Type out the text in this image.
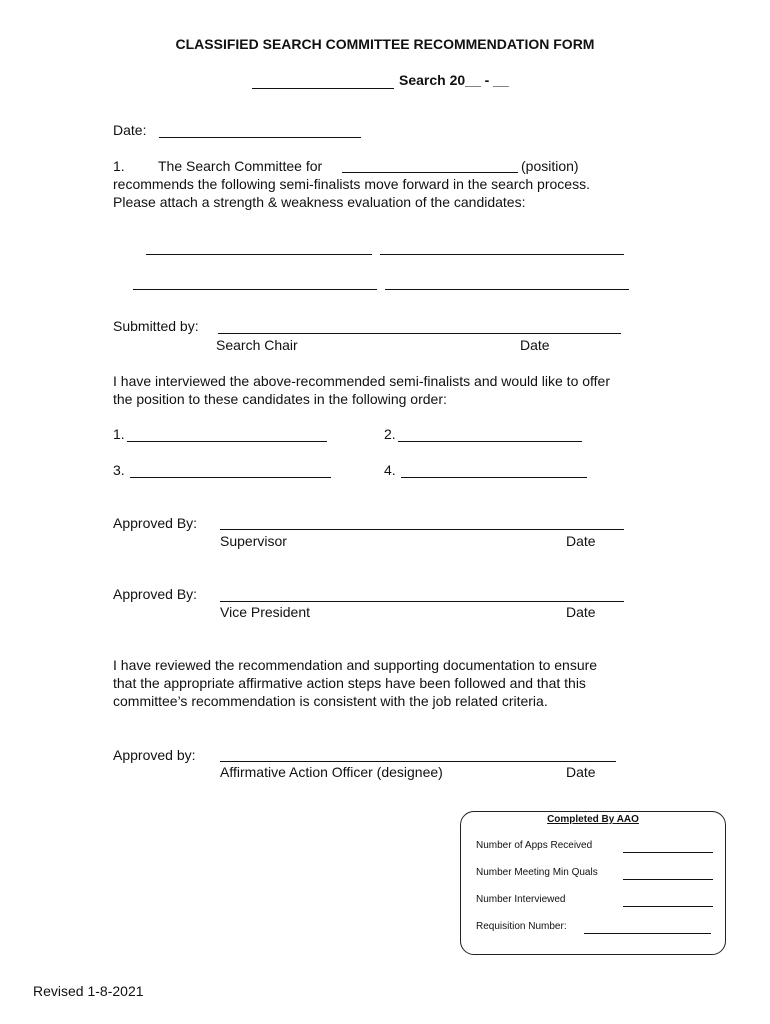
CLASSIFIED SEARCH COMMITTEE RECOMMENDATION FORM
Search 20__ - __
Date:
1. The Search Committee for	(position)
recommends the following semi-finalists move forward in the search process.
Please attach a strength & weakness evaluation of the candidates:
Submitted by:
Search Chair	Date
I have interviewed the above-recommended semi-finalists and would like to offer
the position to these candidates in the following order:
1.	2.
3.	4.
Approved By:
Supervisor	Date
Approved By:
Vice President	Date
I have reviewed the recommendation and supporting documentation to ensure
that the appropriate affirmative action steps have been followed and that this
committee’s recommendation is consistent with the job related criteria.
Approved by:
Affirmative Action Officer (designee)	Date
Completed By AAO
Number of Apps Received
Number Meeting Min Quals
Number Interviewed
Requisition Number:
Revised 1-8-2021
